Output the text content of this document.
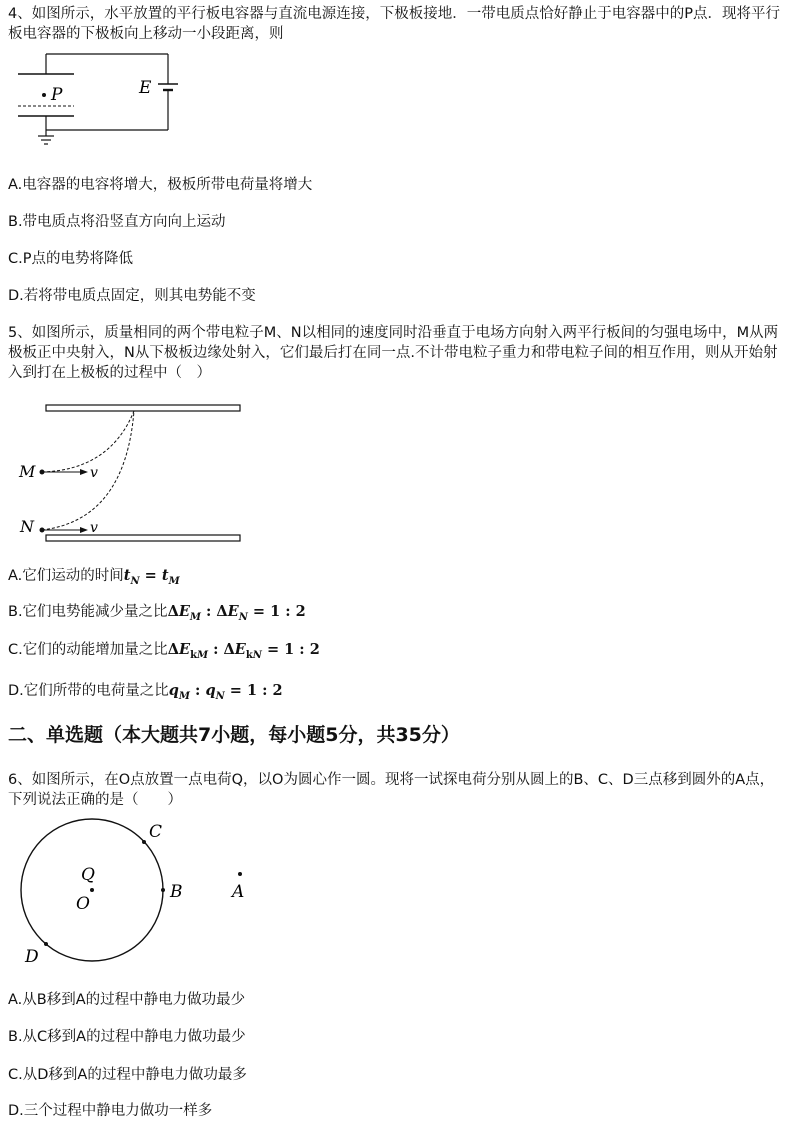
4、如图所示，水平放置的平行板电容器与直流电源连接，下极板接地．一带电质点恰好静止于电容器中的P点．现将平行板电容器的下极板向上移动一小段距离，则
P	E
A.电容器的电容将增大，极板所带电荷量将增大
B.带电质点将沿竖直方向向上运动
C.P点的电势将降低
D.若将带电质点固定，则其电势能不变
5、如图所示，质量相同的两个带电粒子M、N以相同的速度同时沿垂直于电场方向射入两平行板间的匀强电场中，M从两极板正中央射入，N从下极板边缘处射入，它们最后打在同一点.不计带电粒子重力和带电粒子间的相互作用，则从开始射入到打在上极板的过程中（　）
M	v
N	v
A.它们运动的时间$t_N = t_M$
B.它们电势能减少量之比$\Delta E_M$ : $\Delta E_N = 1$ : 2
C.它们的动能增加量之比$\Delta E_{kM}$ : $\Delta E_{kN} = 1$ : 2
D.它们所带的电荷量之比$q_M$ : $q_N = 1$ : 2
二、单选题（本大题共7小题，每小题5分，共35分）
6、如图所示，在O点放置一点电荷Q，以O为圆心作一圆。现将一试探电荷分别从圆上的B、C、D三点移到圆外的A点，下列说法正确的是（　　）
Q
O
B
C
D
A
A.从B移到A的过程中静电力做功最少
B.从C移到A的过程中静电力做功最少
C.从D移到A的过程中静电力做功最多
D.三个过程中静电力做功一样多
